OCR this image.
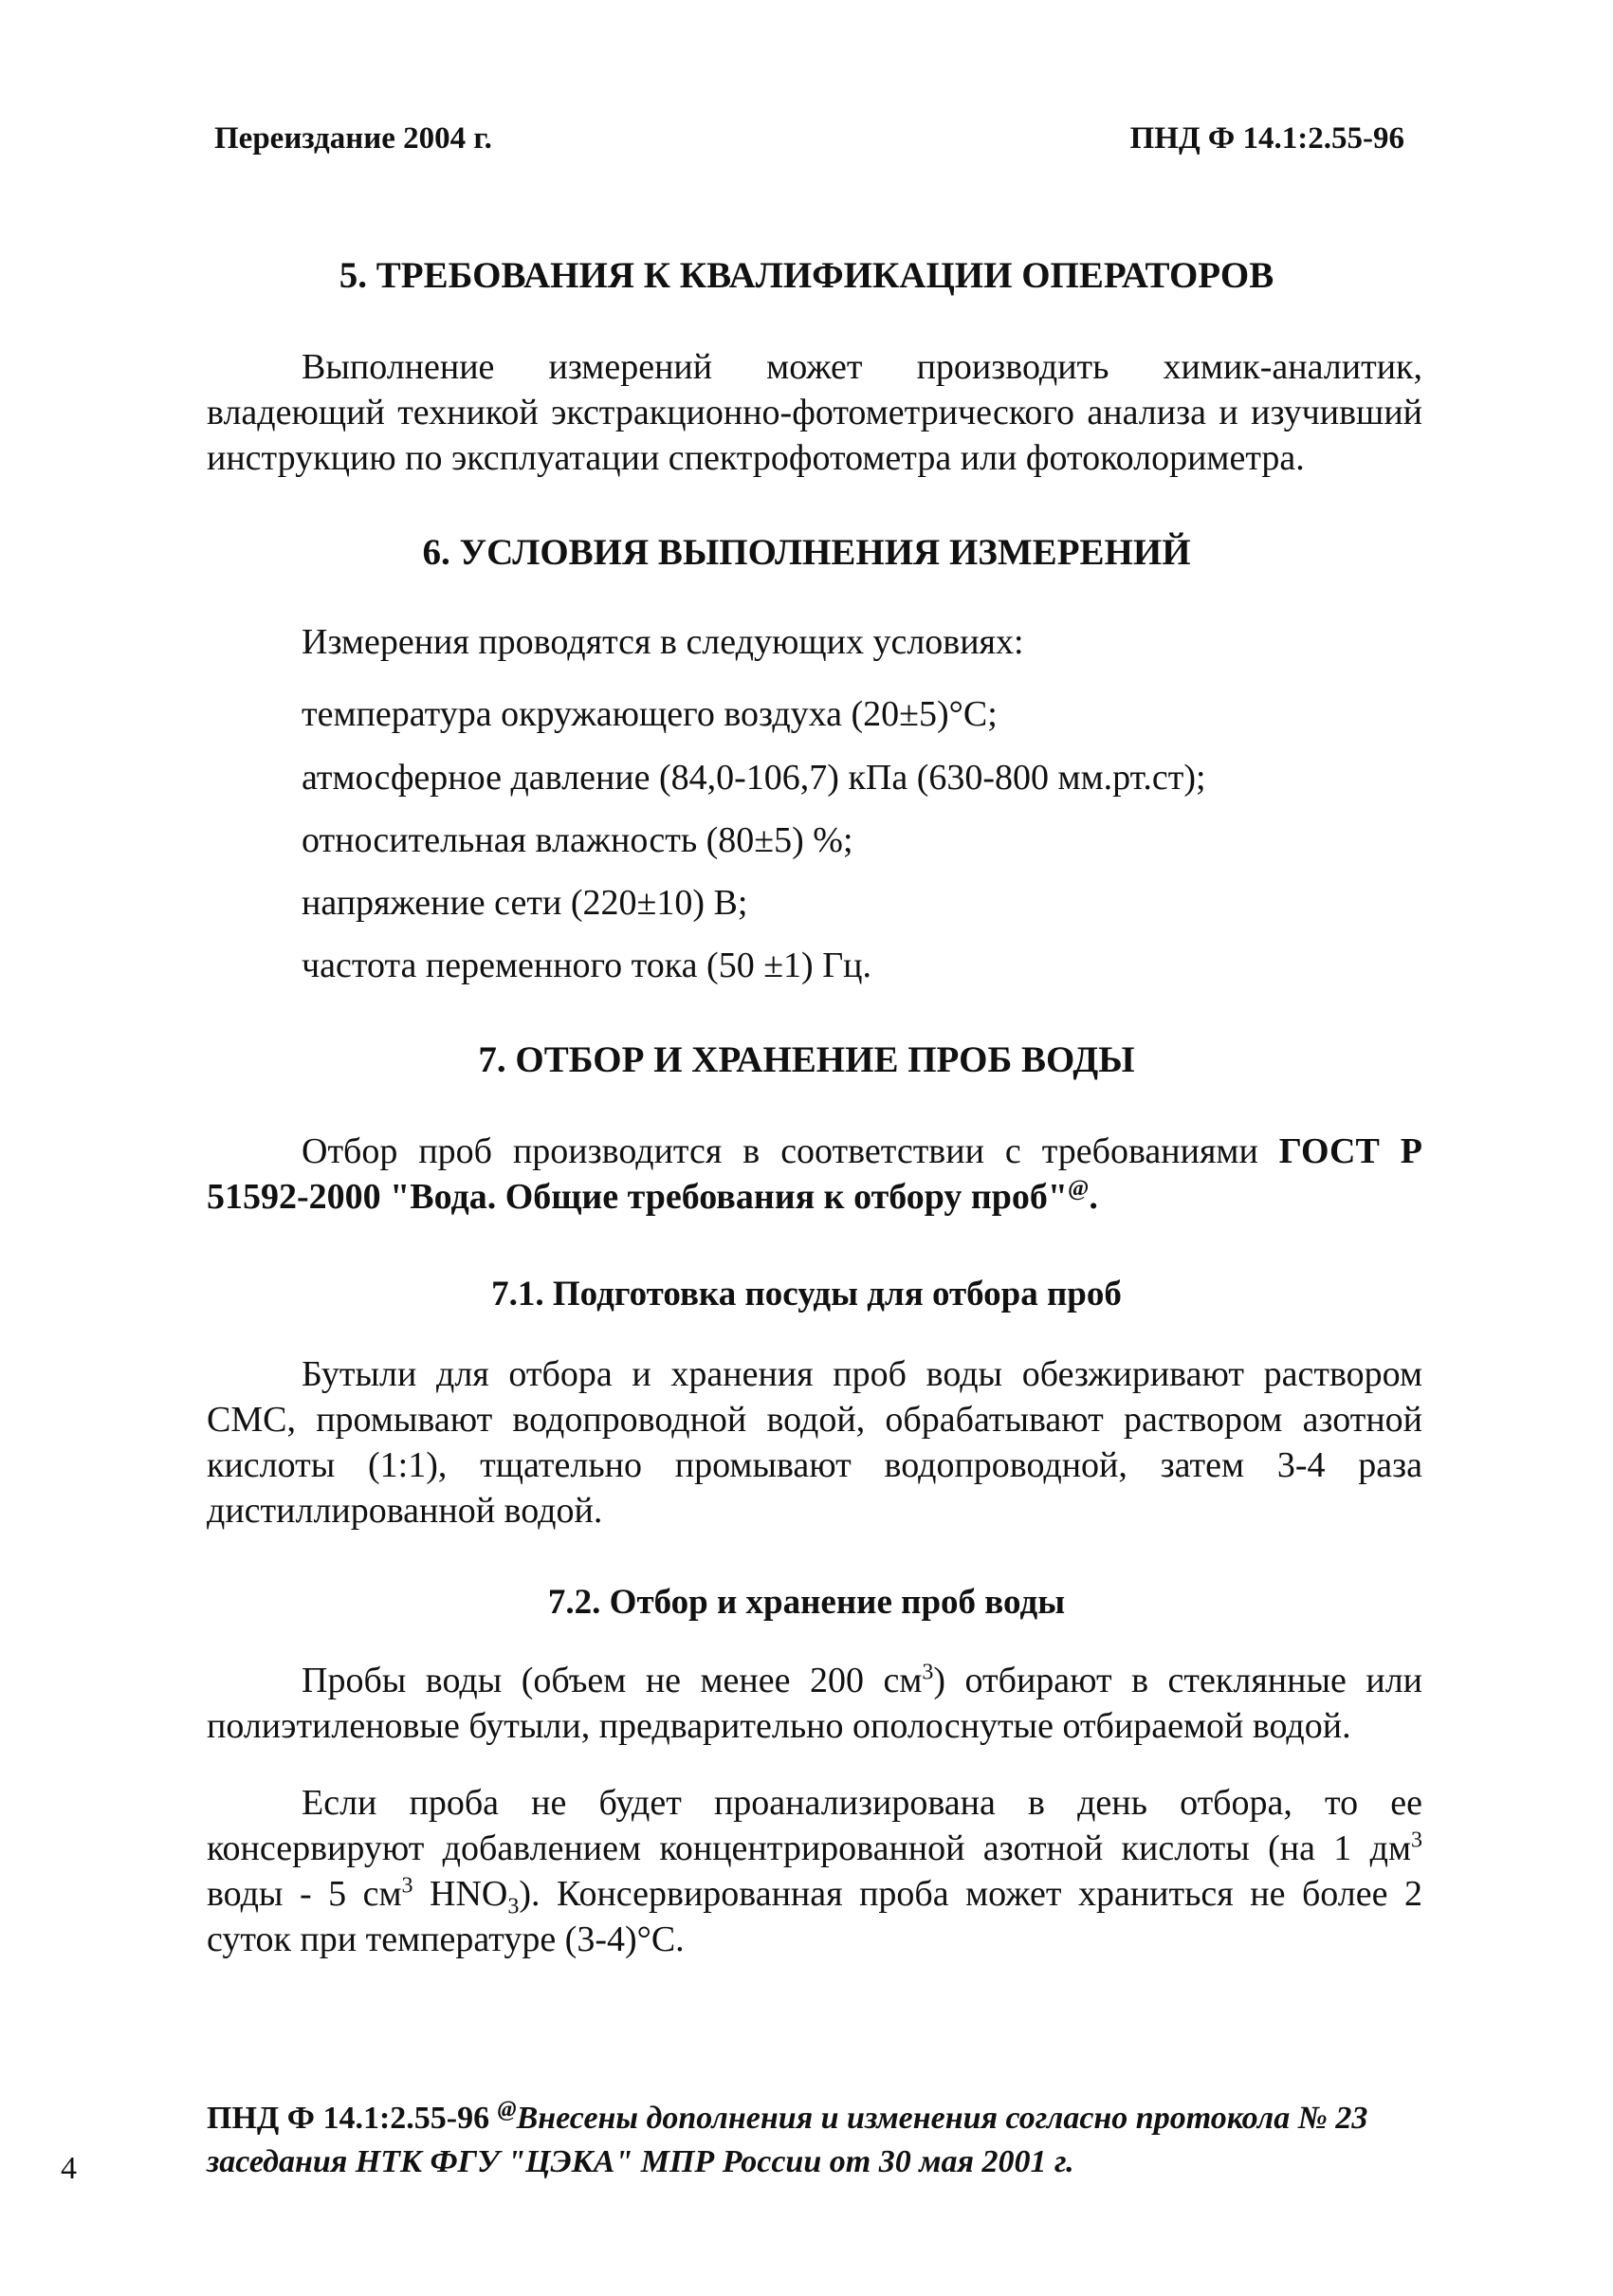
Переиздание 2004 г.	ПНД Ф 14.1:2.55-96
5. ТРЕБОВАНИЯ К КВАЛИФИКАЦИИ ОПЕРАТОРОВ
Выполнение измерений может производить химик-аналитик, владеющий техникой экстракционно-фотометрического анализа и изучивший инструкцию по эксплуатации спектрофотометра или фотоколориметра.
6. УСЛОВИЯ ВЫПОЛНЕНИЯ ИЗМЕРЕНИЙ
Измерения проводятся в следующих условиях:
температура окружающего воздуха (20±5)°С;
атмосферное давление (84,0-106,7) кПа (630-800 мм.рт.ст);
относительная влажность (80±5) %;
напряжение сети (220±10) В;
частота переменного тока (50 ±1) Гц.
7. ОТБОР И ХРАНЕНИЕ ПРОБ ВОДЫ
Отбор проб производится в соответствии с требованиями ГОСТ Р 51592-2000 "Вода. Общие требования к отбору проб"@.
7.1. Подготовка посуды для отбора проб
Бутыли для отбора и хранения проб воды обезжиривают раствором СМС, промывают водопроводной водой, обрабатывают раствором азотной кислоты (1:1), тщательно промывают водопроводной, затем 3-4 раза дистиллированной водой.
7.2. Отбор и хранение проб воды
Пробы воды (объем не менее 200 $см^3$) отбирают в стеклянные или полиэтиленовые бутыли, предварительно ополоснутые отбираемой водой.
Если проба не будет проанализирована в день отбора, то ее консервируют добавлением концентрированной азотной кислоты (на 1 $дм^3$ воды - 5 $см^3$ $HNO_3$). Консервированная проба может храниться не более 2 суток при температуре (3-4)°С.
ПНД Ф 14.1:2.55-96 @Внесены дополнения и изменения согласно протокола № 23 заседания НТК ФГУ "ЦЭКА" МПР России от 30 мая 2001 г.
4
